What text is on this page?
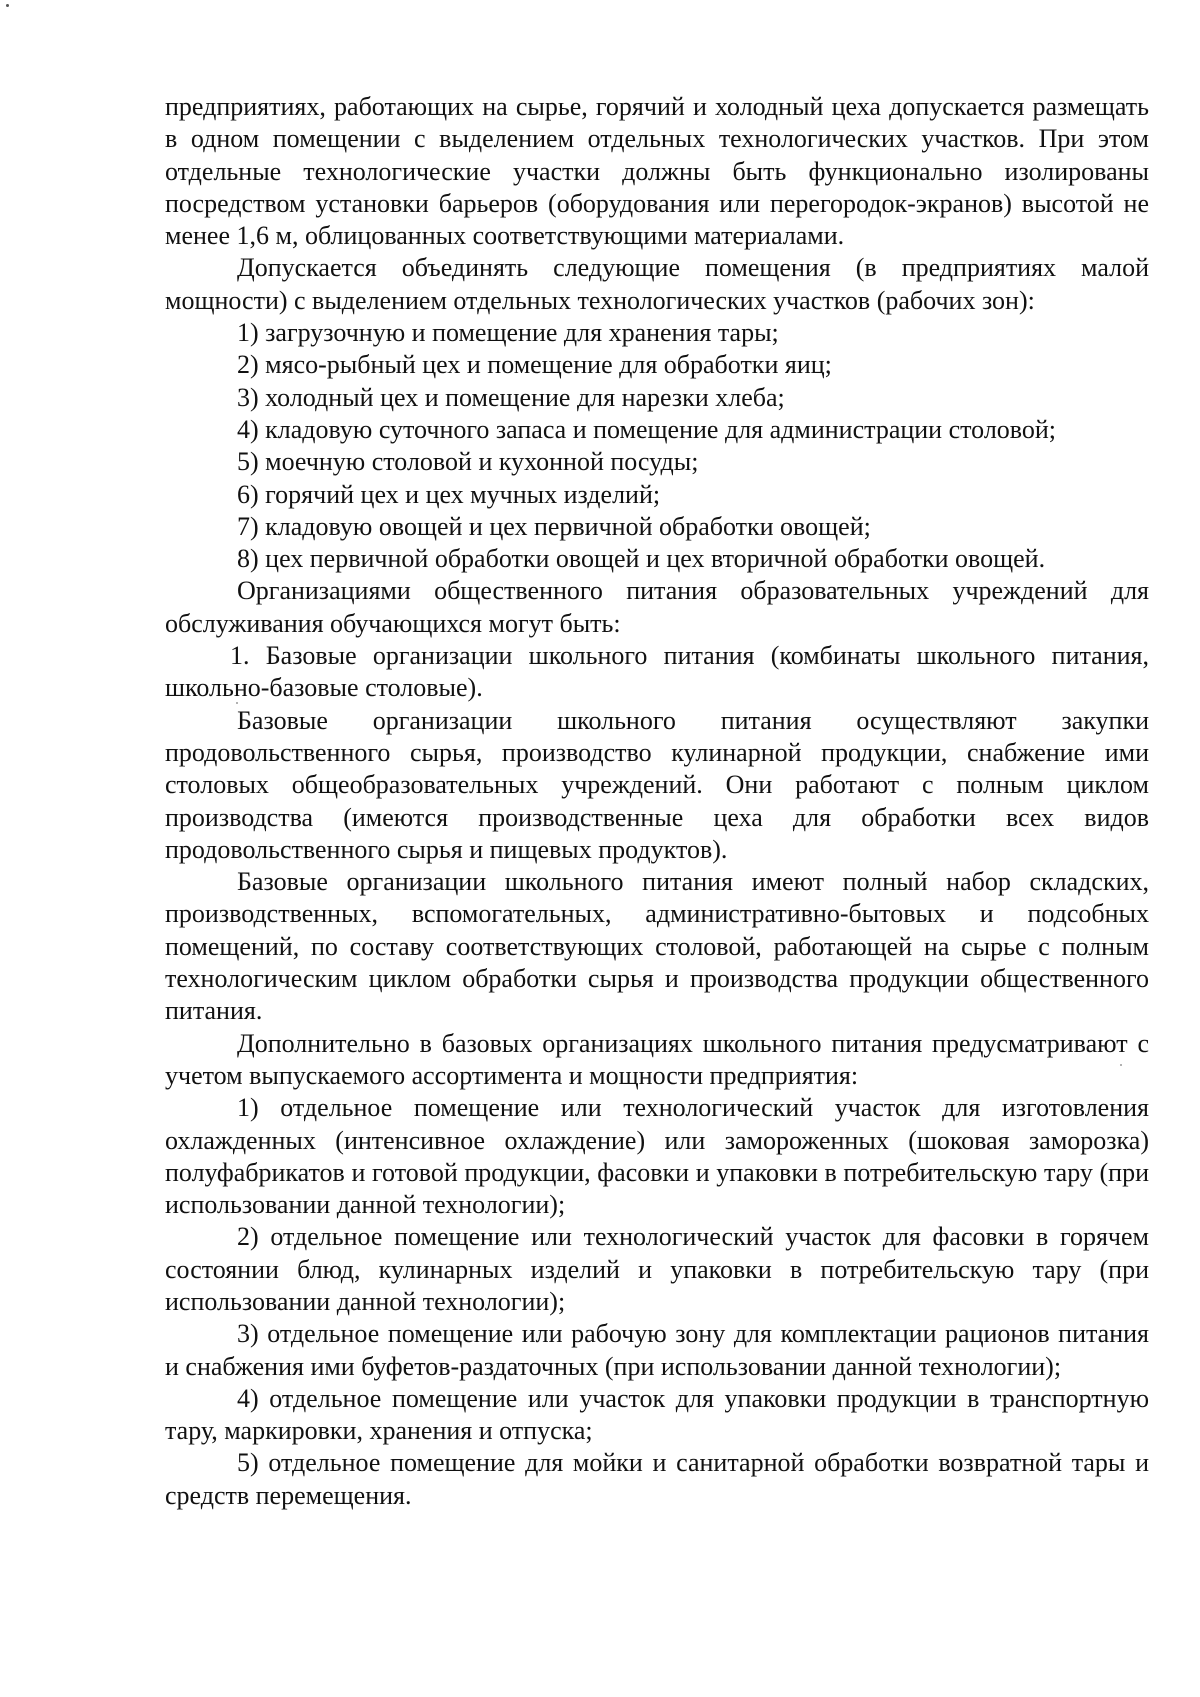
предприятиях, работающих на сырье, горячий и холодный цеха допускается размещать в одном помещении с выделением отдельных технологических участков. При этом отдельные технологические участки должны быть функционально изолированы посредством установки барьеров (оборудования или перегородок-экранов) высотой не менее 1,6 м, облицованных соответствующими материалами.

Допускается объединять следующие помещения (в предприятиях малой мощности) с выделением отдельных технологических участков (рабочих зон):

1) загрузочную и помещение для хранения тары;

2) мясо-рыбный цех и помещение для обработки яиц;

3) холодный цех и помещение для нарезки хлеба;

4) кладовую суточного запаса и помещение для администрации столовой;

5) моечную столовой и кухонной посуды;

6) горячий цех и цех мучных изделий;

7) кладовую овощей и цех первичной обработки овощей;

8) цех первичной обработки овощей и цех вторичной обработки овощей.

Организациями общественного питания образовательных учреждений для обслуживания обучающихся могут быть:

1. Базовые организации школьного питания (комбинаты школьного питания, школьно-базовые столовые).

Базовые организации школьного питания осуществляют закупки продовольственного сырья, производство кулинарной продукции, снабжение ими столовых общеобразовательных учреждений. Они работают с полным циклом производства (имеются производственные цеха для обработки всех видов продовольственного сырья и пищевых продуктов).

Базовые организации школьного питания имеют полный набор складских, производственных, вспомогательных, административно-бытовых и подсобных помещений, по составу соответствующих столовой, работающей на сырье с полным технологическим циклом обработки сырья и производства продукции общественного питания.

Дополнительно в базовых организациях школьного питания предусматривают с учетом выпускаемого ассортимента и мощности предприятия:

1) отдельное помещение или технологический участок для изготовления охлажденных (интенсивное охлаждение) или замороженных (шоковая заморозка) полуфабрикатов и готовой продукции, фасовки и упаковки в потребительскую тару (при использовании данной технологии);

2) отдельное помещение или технологический участок для фасовки в горячем состоянии блюд, кулинарных изделий и упаковки в потребительскую тару (при использовании данной технологии);

3) отдельное помещение или рабочую зону для комплектации рационов питания и снабжения ими буфетов-раздаточных (при использовании данной технологии);

4) отдельное помещение или участок для упаковки продукции в транспортную тару, маркировки, хранения и отпуска;

5) отдельное помещение для мойки и санитарной обработки возвратной тары и средств перемещения.
